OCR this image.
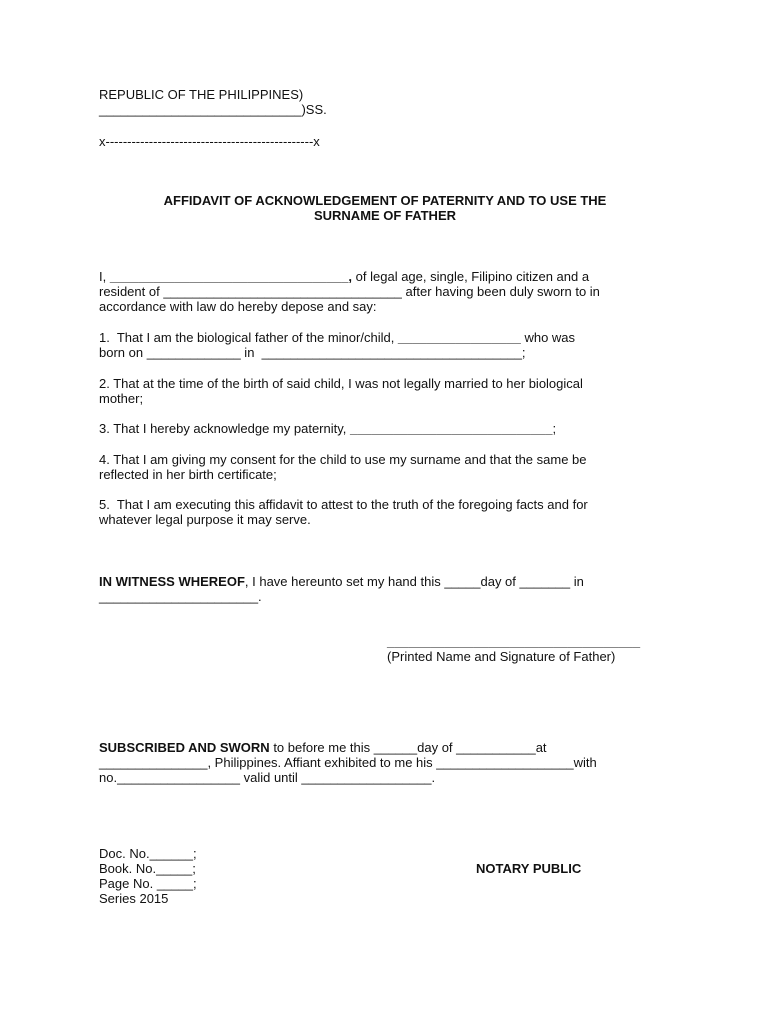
REPUBLIC OF THE PHILIPPINES)
____________________________)SS.
x------------------------------------------------x
AFFIDAVIT OF ACKNOWLEDGEMENT OF PATERNITY AND TO USE THE
SURNAME OF FATHER
I, _________________________________, of legal age, single, Filipino citizen and a
resident of _________________________________ after having been duly sworn to in
accordance with law do hereby depose and say:
1.  That I am the biological father of the minor/child, _________________ who was
born on _____________ in  ____________________________________;
2. That at the time of the birth of said child, I was not legally married to her biological
mother;
3. That I hereby acknowledge my paternity, ____________________________;
4. That I am giving my consent for the child to use my surname and that the same be
reflected in her birth certificate;
5.  That I am executing this affidavit to attest to the truth of the foregoing facts and for
whatever legal purpose it may serve.
IN WITNESS WHEREOF, I have hereunto set my hand this _____day of _______ in
______________________.
___________________________________
(Printed Name and Signature of Father)
SUBSCRIBED AND SWORN to before me this ______day of ___________at
_______________, Philippines. Affiant exhibited to me his ___________________with
no._________________ valid until __________________.
Doc. No.______;
Book. No._____;
Page No. _____;
Series 2015
NOTARY PUBLIC
